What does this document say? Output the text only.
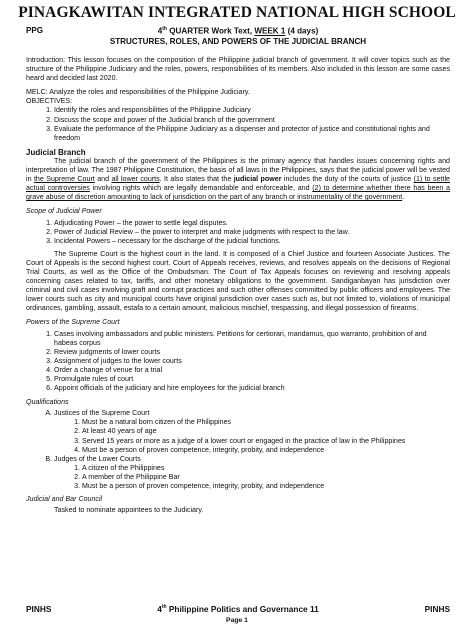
PINAGKAWITAN INTEGRATED NATIONAL HIGH SCHOOL
PPG	4th QUARTER Work Text, WEEK 1 (4 days)
STRUCTURES, ROLES, AND POWERS OF THE JUDICIAL BRANCH

Introduction: This lesson focuses on the composition of the Philippine judicial branch of government. It will cover topics such as the structure of the Philippine Judiciary and the roles, powers, responsibilities of its members. Also included in this lesson are some cases heard and decided last 2020.

MELC: Analyze the roles and responsibilities of the Philippine Judiciary.
OBJECTIVES:
1. Identify the roles and responsibilities of the Philippine Judiciary
2. Discuss the scope and power of the Judicial branch of the government
3. Evaluate the performance of the Philippine Judiciary as a dispenser and protector of justice and constitutional rights and freedom
Judicial Branch

The judicial branch of the government of the Philippines is the primary agency that handles issues concerning rights and interpretation of law. The 1987 Philippine Constitution, the basis of all laws in the Philippines, says that the judicial power will be vested in the Supreme Court and all lower courts. It also states that the judicial power includes the duty of the courts of justice (1) to settle actual controversies involving rights which are legally demandable and enforceable, and (2) to determine whether there has been a grave abuse of discretion amounting to lack of jurisdiction on the part of any branch or instrumentality of the government.

Scope of Judicial Power
1. Adjudicating Power – the power to settle legal disputes.
2. Power of Judicial Review – the power to interpret and make judgments with respect to the law.
3. Incidental Powers – necessary for the discharge of the judicial functions.

The Supreme Court is the highest court in the land. It is composed of a Chief Justice and fourteen Associate Justices. The Court of Appeals is the second highest court. Court of Appeals receives, reviews, and resolves appeals on the decisions of Regional Trial Courts, as well as the Office of the Ombudsman. The Court of Tax Appeals focuses on reviewing and resolving appeals concerning cases related to tax, tariffs, and other monetary obligations to the government. Sandiganbayan has jurisdiction over criminal and civil cases involving graft and corrupt practices and such other offenses committed by public officers and employees. The lower courts such as city and municipal courts have original jurisdiction over cases such as, but not limited to, violations of municipal ordinances, gambling, assault, estafa to a certain amount, malicious mischief, trespassing, and illegal possession of firearms.

Powers of the Supreme Court
1. Cases involving ambassadors and public ministers. Petitions for certiorari, mandamus, quo warranto, prohibition of and habeas corpus
2. Review judgments of lower courts
3. Assignment of judges to the lower courts
4. Order a change of venue for a trial
5. Promulgate rules of court
6. Appoint officials of the judiciary and hire employees for the judicial branch
Qualifications
A. Justices of the Supreme Court
1. Must be a natural born citizen of the Philippines
2. At least 40 years of age
3. Served 15 years or more as a judge of a lower court or engaged in the practice of law in the Philippines
4. Must be a person of proven competence, integrity, probity, and independence
B. Judges of the Lower Courts
1. A citizen of the Philippines
2. A member of the Philippine Bar
3. Must be a person of proven competence, integrity, probity, and independence
Judicial and Bar Council
Tasked to nominate appointees to the Judiciary.
PINHS	4th Philippine Politics and Governance 11	PINHS
Page 1
